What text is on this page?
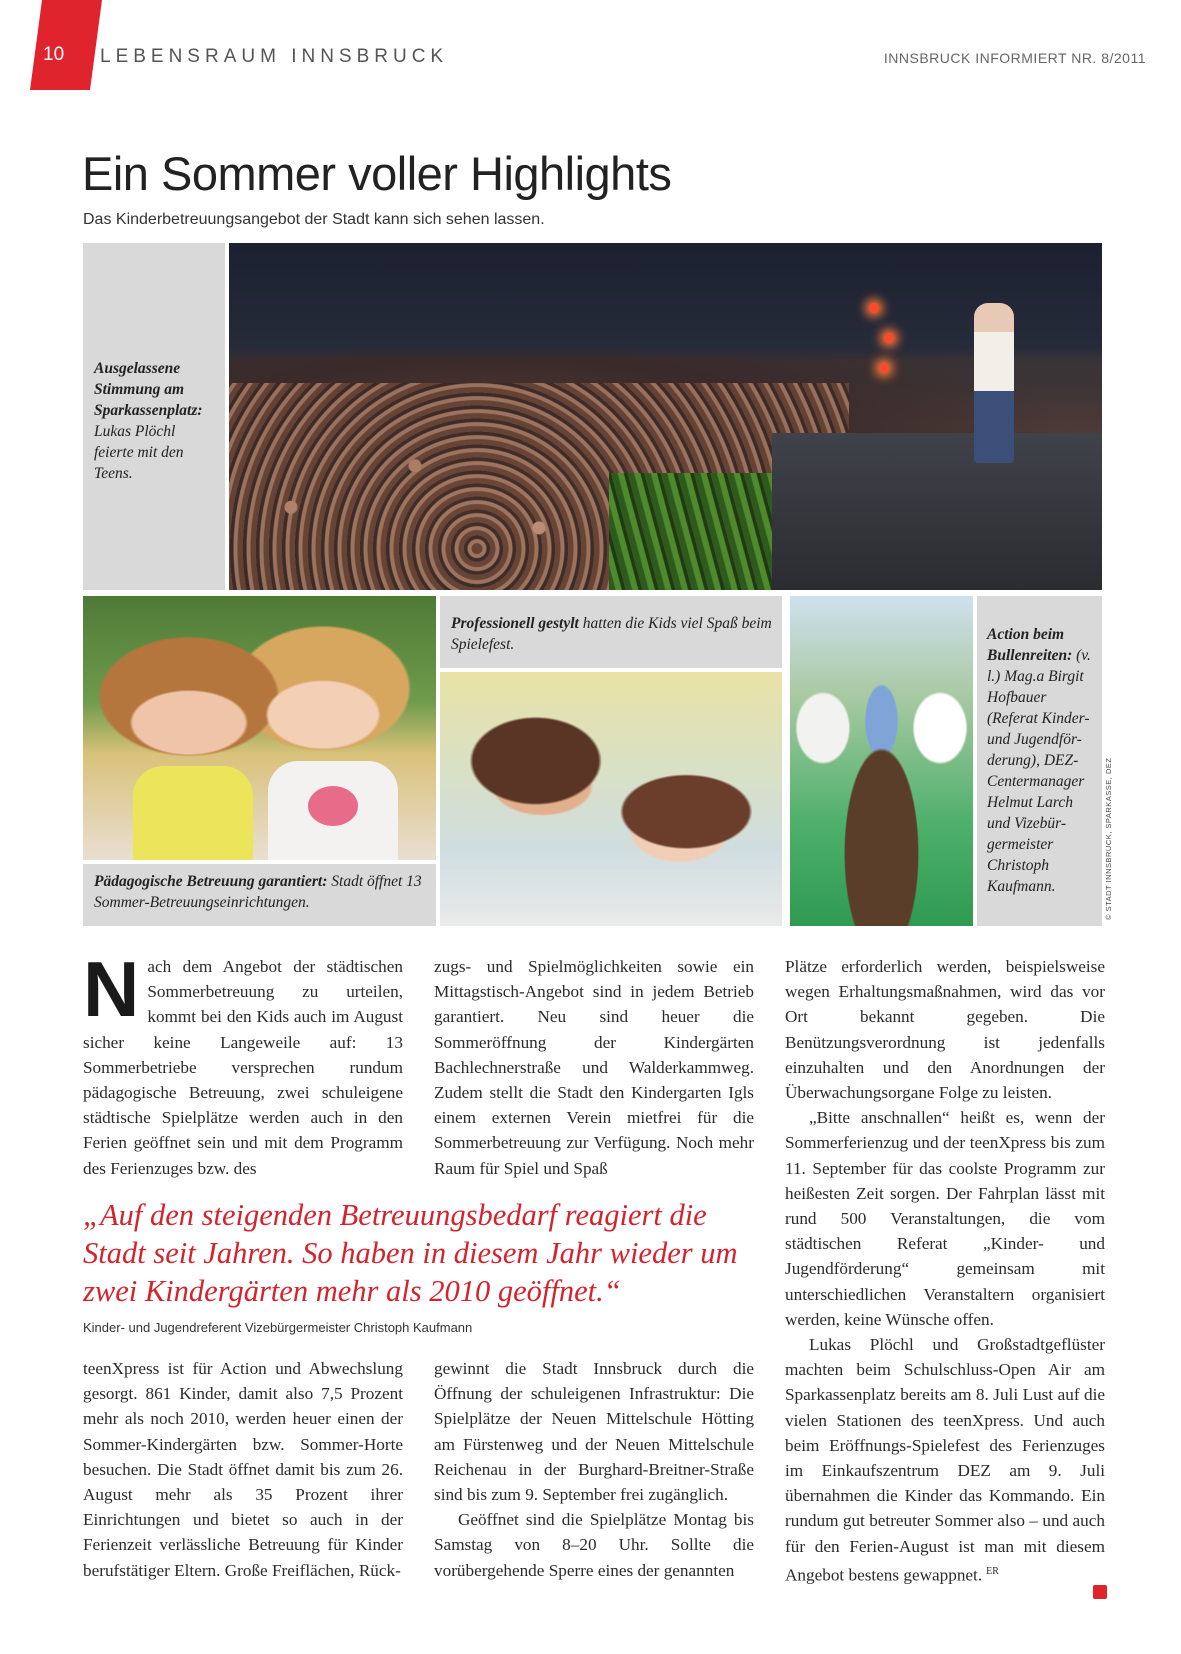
10 LEBENSRAUM INNSBRUCK	INNSBRUCK INFORMIERT NR. 8/2011
Ein Sommer voller Highlights
Das Kinderbetreuungsangebot der Stadt kann sich sehen lassen.
Ausgelassene Stimmung am Sparkassenplatz: Lukas Plöchl feierte mit den Teens.
Pädagogische Betreuung garantiert: Stadt öffnet 13 Sommer-Betreuungseinrichtungen.
Professionell gestylt hatten die Kids viel Spaß beim Spielefest.
Action beim Bullenreiten: (v. l.) Mag.a Birgit Hofbauer (Referat Kinder- und Jugendför-derung), DEZ-Centermanager Helmut Larch und Vizebür-germeister Christoph Kaufmann.	© STADT INNSBRUCK, SPARKASSE, DEZ
N ach dem Angebot der städtischen Sommerbetreuung zu urteilen, kommt bei den Kids auch im August sicher keine Langeweile auf: 13 Sommerbetriebe versprechen rundum pädagogische Betreuung, zwei schuleigene städtische Spielplätze werden auch in den Ferien geöffnet sein und mit dem Programm des Ferienzuges bzw. des

zugs- und Spielmöglichkeiten sowie ein Mittagstisch-Angebot sind in jedem Betrieb garantiert. Neu sind heuer die Sommeröffnung der Kindergärten Bachlechnerstraße und Walderkammweg. Zudem stellt die Stadt den Kindergarten Igls einem externen Verein mietfrei für die Sommerbetreuung zur Verfügung. Noch mehr Raum für Spiel und Spaß

„Auf den steigenden Betreuungsbedarf reagiert die Stadt seit Jahren. So haben in diesem Jahr wieder um zwei Kindergärten mehr als 2010 geöffnet.“

Kinder- und Jugendreferent Vizebürgermeister Christoph Kaufmann

teenXpress ist für Action und Abwechslung gesorgt. 861 Kinder, damit also 7,5 Prozent mehr als noch 2010, werden heuer einen der Sommer-Kindergärten bzw. Sommer-Horte besuchen. Die Stadt öffnet damit bis zum 26. August mehr als 35 Prozent ihrer Einrichtungen und bietet so auch in der Ferienzeit verlässliche Betreuung für Kinder berufstätiger Eltern. Große Freiflächen, Rück-

gewinnt die Stadt Innsbruck durch die Öffnung der schuleigenen Infrastruktur: Die Spielplätze der Neuen Mittelschule Hötting am Fürstenweg und der Neuen Mittelschule Reichenau in der Burghard-Breitner-Straße sind bis zum 9. September frei zugänglich.

Geöffnet sind die Spielplätze Montag bis Samstag von 8–20 Uhr. Sollte die vorübergehende Sperre eines der genannten

Plätze erforderlich werden, beispielsweise wegen Erhaltungsmaßnahmen, wird das vor Ort bekannt gegeben. Die Benützungsverordnung ist jedenfalls einzuhalten und den Anordnungen der Überwachungsorgane Folge zu leisten.

„Bitte anschnallen“ heißt es, wenn der Sommerferienzug und der teenXpress bis zum 11. September für das coolste Programm zur heißesten Zeit sorgen. Der Fahrplan lässt mit rund 500 Veranstaltungen, die vom städtischen Referat „Kinder- und Jugendförderung“ gemeinsam mit unterschiedlichen Veranstaltern organisiert werden, keine Wünsche offen.

Lukas Plöchl und Großstadtgeflüster machten beim Schulschluss-Open Air am Sparkassenplatz bereits am 8. Juli Lust auf die vielen Stationen des teenXpress. Und auch beim Eröffnungs-Spielefest des Ferienzuges im Einkaufszentrum DEZ am 9. Juli übernahmen die Kinder das Kommando. Ein rundum gut betreuter Sommer also – und auch für den Ferien-August ist man mit diesem Angebot bestens gewappnet. $^{ER}$
